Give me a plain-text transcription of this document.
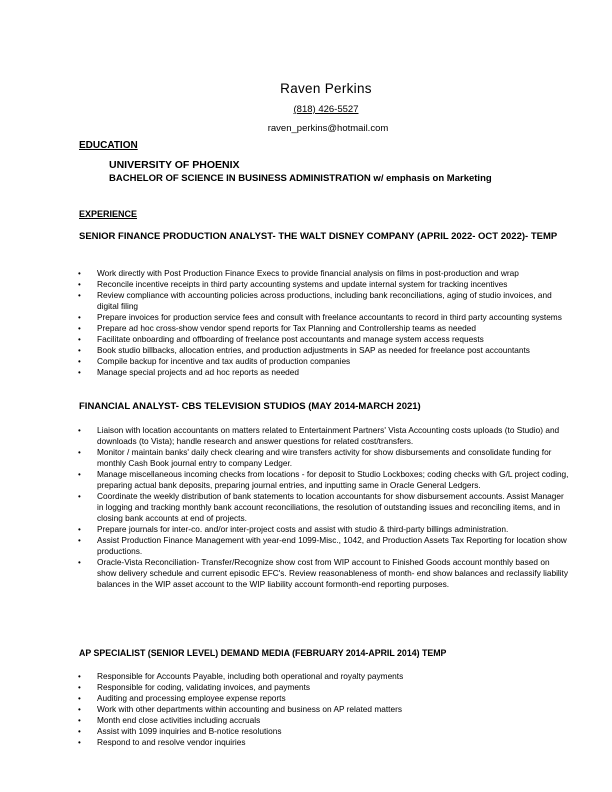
Raven Perkins
(818) 426-5527
raven_perkins@hotmail.com
EDUCATION
UNIVERSITY OF PHOENIX
BACHELOR OF SCIENCE IN BUSINESS ADMINISTRATION w/ emphasis on Marketing
EXPERIENCE
SENIOR FINANCE PRODUCTION ANALYST- THE WALT DISNEY COMPANY (APRIL 2022- OCT 2022)- TEMP
• Work directly with Post Production Finance Execs to provide financial analysis on films in post-production and wrap
• Reconcile incentive receipts in third party accounting systems and update internal system for tracking incentives
• Review compliance with accounting policies across productions, including bank reconciliations, aging of studio invoices, and digital filing
• Prepare invoices for production service fees and consult with freelance accountants to record in third party accounting systems
• Prepare ad hoc cross-show vendor spend reports for Tax Planning and Controllership teams as needed
• Facilitate onboarding and offboarding of freelance post accountants and manage system access requests
• Book studio billbacks, allocation entries, and production adjustments in SAP as needed for freelance post accountants
• Compile backup for incentive and tax audits of production companies
• Manage special projects and ad hoc reports as needed
FINANCIAL ANALYST- CBS TELEVISION STUDIOS (MAY 2014-MARCH 2021)
• Liaison with location accountants on matters related to Entertainment Partners' Vista Accounting costs uploads (to Studio) and downloads (to Vista); handle research and answer questions for related cost/transfers.
• Monitor / maintain banks' daily check clearing and wire transfers activity for show disbursements and consolidate funding for monthly Cash Book journal entry to company Ledger.
• Manage miscellaneous incoming checks from locations - for deposit to Studio Lockboxes; coding checks with G/L project coding, preparing actual bank deposits, preparing journal entries, and inputting same in Oracle General Ledgers.
• Coordinate the weekly distribution of bank statements to location accountants for show disbursement accounts. Assist Manager in logging and tracking monthly bank account reconciliations, the resolution of outstanding issues and reconciling items, and in closing bank accounts at end of projects.
• Prepare journals for inter-co. and/or inter-project costs and assist with studio & third-party billings administration.
• Assist Production Finance Management with year-end 1099-Misc., 1042, and Production Assets Tax Reporting for location show productions.
• Oracle-Vista Reconciliation- Transfer/Recognize show cost from WIP account to Finished Goods account monthly based on show delivery schedule and current episodic EFC's. Review reasonableness of month- end show balances and reclassify liability balances in the WIP asset account to the WIP liability account formonth-end reporting purposes.
AP SPECIALIST (SENIOR LEVEL) DEMAND MEDIA (FEBRUARY 2014-APRIL 2014) TEMP
• Responsible for Accounts Payable, including both operational and royalty payments
• Responsible for coding, validating invoices, and payments
• Auditing and processing employee expense reports
• Work with other departments within accounting and business on AP related matters
• Month end close activities including accruals
• Assist with 1099 inquiries and B-notice resolutions
• Respond to and resolve vendor inquiries
